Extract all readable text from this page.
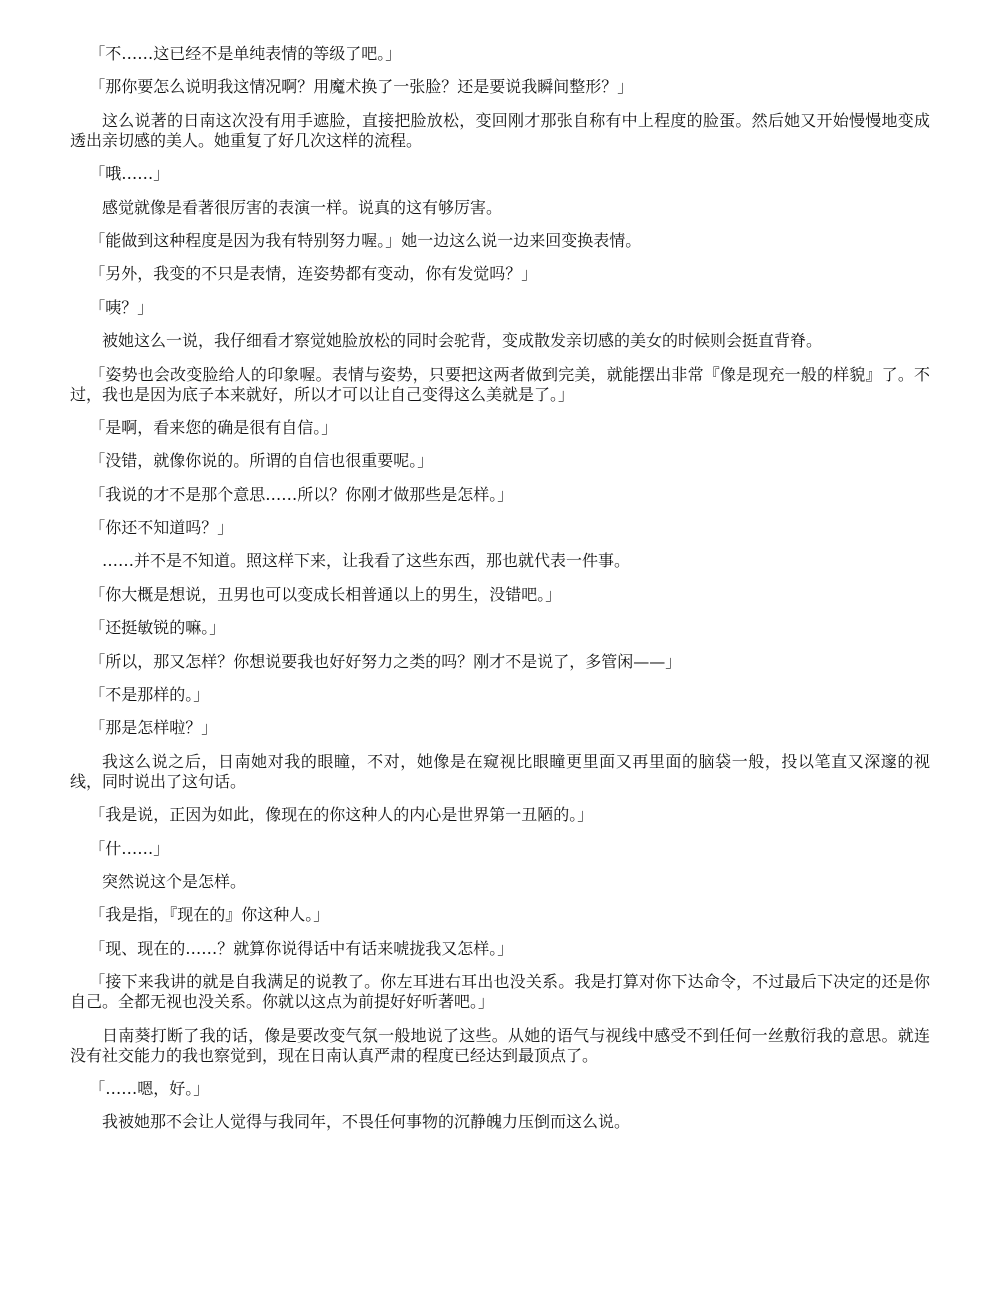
「不……这已经不是单纯表情的等级了吧。」

「那你要怎么说明我这情况啊？用魔术换了一张脸？还是要说我瞬间整形？」

这么说著的日南这次没有用手遮脸，直接把脸放松，变回刚才那张自称有中上程度的脸蛋。然后她又开始慢慢地变成透出亲切感的美人。她重复了好几次这样的流程。

「哦……」

感觉就像是看著很厉害的表演一样。说真的这有够厉害。

「能做到这种程度是因为我有特别努力喔。」她一边这么说一边来回变换表情。

「另外，我变的不只是表情，连姿势都有变动，你有发觉吗？」

「咦？」

被她这么一说，我仔细看才察觉她脸放松的同时会驼背，变成散发亲切感的美女的时候则会挺直背脊。

「姿势也会改变脸给人的印象喔。表情与姿势，只要把这两者做到完美，就能摆出非常『像是现充一般的样貌』了。不过，我也是因为底子本来就好，所以才可以让自己变得这么美就是了。」

「是啊，看来您的确是很有自信。」

「没错，就像你说的。所谓的自信也很重要呢。」

「我说的才不是那个意思……所以？你刚才做那些是怎样。」

「你还不知道吗？」

……并不是不知道。照这样下来，让我看了这些东西，那也就代表一件事。

「你大概是想说，丑男也可以变成长相普通以上的男生，没错吧。」

「还挺敏锐的嘛。」

「所以，那又怎样？你想说要我也好好努力之类的吗？刚才不是说了，多管闲——」

「不是那样的。」

「那是怎样啦？」

我这么说之后，日南她对我的眼瞳，不对，她像是在窥视比眼瞳更里面又再里面的脑袋一般，投以笔直又深邃的视线，同时说出了这句话。

「我是说，正因为如此，像现在的你这种人的内心是世界第一丑陋的。」

「什……」

突然说这个是怎样。

「我是指，『现在的』你这种人。」

「现、现在的……？就算你说得话中有话来唬拢我又怎样。」

「接下来我讲的就是自我满足的说教了。你左耳进右耳出也没关系。我是打算对你下达命令，不过最后下决定的还是你自己。全都无视也没关系。你就以这点为前提好好听著吧。」

日南葵打断了我的话，像是要改变气氛一般地说了这些。从她的语气与视线中感受不到任何一丝敷衍我的意思。就连没有社交能力的我也察觉到，现在日南认真严肃的程度已经达到最顶点了。

「……嗯，好。」

我被她那不会让人觉得与我同年，不畏任何事物的沉静魄力压倒而这么说。
